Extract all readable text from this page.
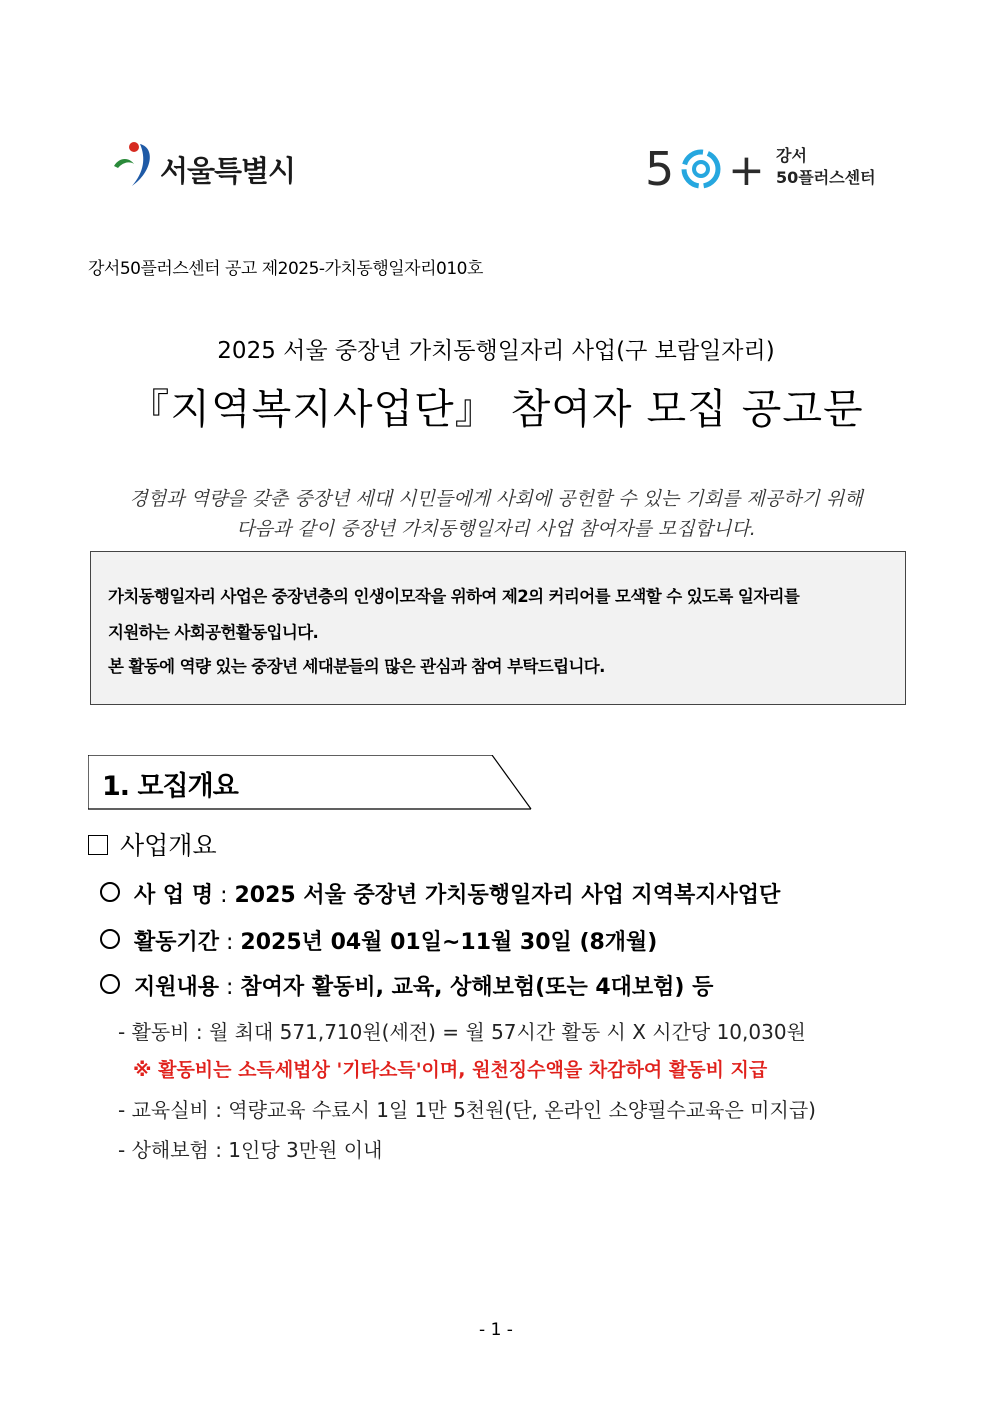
서울특별시	5 + 강서
50플러스센터
강서50플러스센터 공고 제2025-가치동행일자리010호
2025 서울 중장년 가치동행일자리 사업(구 보람일자리)
『지역복지사업단』 참여자 모집 공고문
경험과 역량을 갖춘 중장년 세대 시민들에게 사회에 공헌할 수 있는 기회를 제공하기 위해
다음과 같이 중장년 가치동행일자리 사업 참여자를 모집합니다.
가치동행일자리 사업은 중장년층의 인생이모작을 위하여 제2의 커리어를 모색할 수 있도록 일자리를
지원하는 사회공헌활동입니다.
본 활동에 역량 있는 중장년 세대분들의 많은 관심과 참여 부탁드립니다.
1. 모집개요
사업개요
사 업 명 : 2025 서울 중장년 가치동행일자리 사업 지역복지사업단
활동기간 : 2025년 04월 01일~11월 30일 (8개월)
지원내용 : 참여자 활동비, 교육, 상해보험(또는 4대보험) 등
- 활동비 : 월 최대 571,710원(세전) = 월 57시간 활동 시 X 시간당 10,030원
※ 활동비는 소득세법상 '기타소득'이며, 원천징수액을 차감하여 활동비 지급
- 교육실비 : 역량교육 수료시 1일 1만 5천원(단, 온라인 소양필수교육은 미지급)
- 상해보험 : 1인당 3만원 이내
- 1 -
